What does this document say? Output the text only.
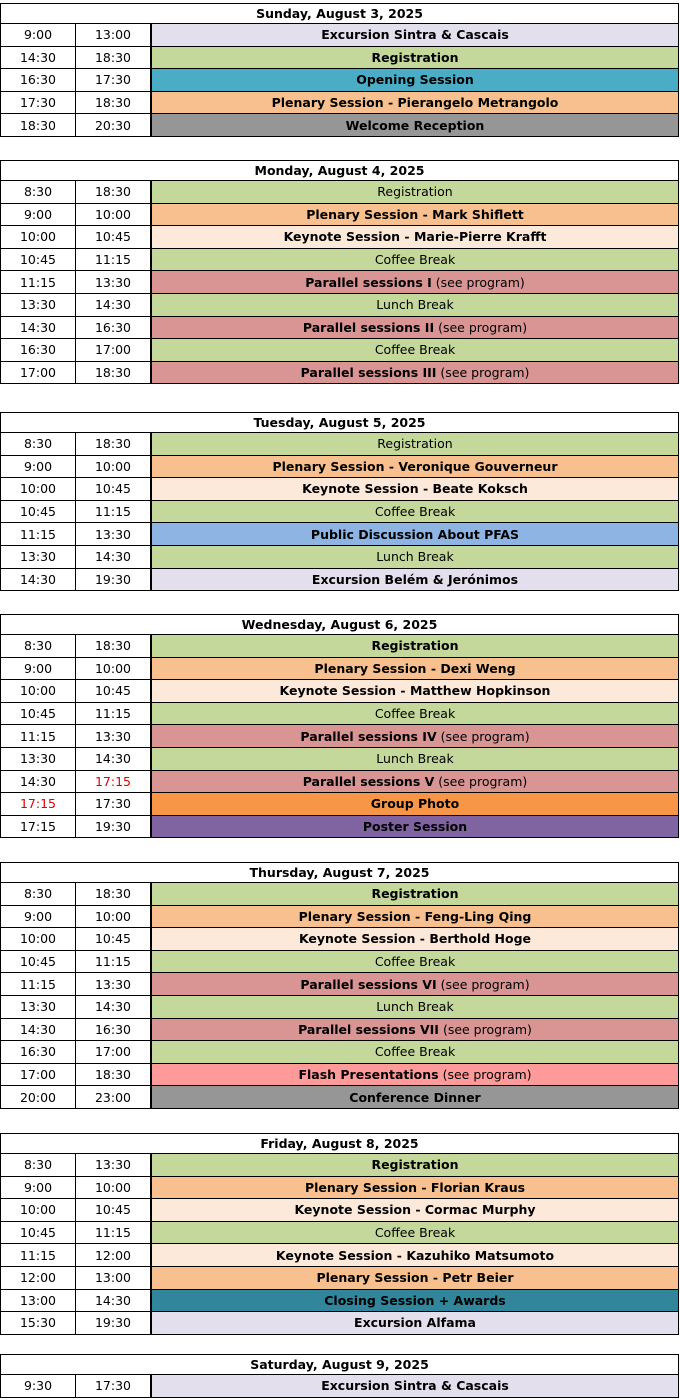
Sunday, August 3, 2025
9:00	13:00	Excursion Sintra & Cascais
14:30	18:30	Registration
16:30	17:30	Opening Session
17:30	18:30	Plenary Session - Pierangelo Metrangolo
18:30	20:30	Welcome Reception
Monday, August 4, 2025
8:30	18:30	Registration
9:00	10:00	Plenary Session - Mark Shiflett
10:00	10:45	Keynote Session - Marie-Pierre Krafft
10:45	11:15	Coffee Break
11:15	13:30	Parallel sessions I (see program)
13:30	14:30	Lunch Break
14:30	16:30	Parallel sessions II (see program)
16:30	17:00	Coffee Break
17:00	18:30	Parallel sessions III (see program)
Tuesday, August 5, 2025
8:30	18:30	Registration
9:00	10:00	Plenary Session - Veronique Gouverneur
10:00	10:45	Keynote Session - Beate Koksch
10:45	11:15	Coffee Break
11:15	13:30	Public Discussion About PFAS
13:30	14:30	Lunch Break
14:30	19:30	Excursion Belém & Jerónimos
Wednesday, August 6, 2025
8:30	18:30	Registration
9:00	10:00	Plenary Session - Dexi Weng
10:00	10:45	Keynote Session - Matthew Hopkinson
10:45	11:15	Coffee Break
11:15	13:30	Parallel sessions IV (see program)
13:30	14:30	Lunch Break
14:30	17:15	Parallel sessions V (see program)
17:15	17:30	Group Photo
17:15	19:30	Poster Session
Thursday, August 7, 2025
8:30	18:30	Registration
9:00	10:00	Plenary Session - Feng-Ling Qing
10:00	10:45	Keynote Session - Berthold Hoge
10:45	11:15	Coffee Break
11:15	13:30	Parallel sessions VI (see program)
13:30	14:30	Lunch Break
14:30	16:30	Parallel sessions VII (see program)
16:30	17:00	Coffee Break
17:00	18:30	Flash Presentations (see program)
20:00	23:00	Conference Dinner
Friday, August 8, 2025
8:30	13:30	Registration
9:00	10:00	Plenary Session - Florian Kraus
10:00	10:45	Keynote Session - Cormac Murphy
10:45	11:15	Coffee Break
11:15	12:00	Keynote Session - Kazuhiko Matsumoto
12:00	13:00	Plenary Session - Petr Beier
13:00	14:30	Closing Session + Awards
15:30	19:30	Excursion Alfama
Saturday, August 9, 2025
9:30	17:30	Excursion Sintra & Cascais
